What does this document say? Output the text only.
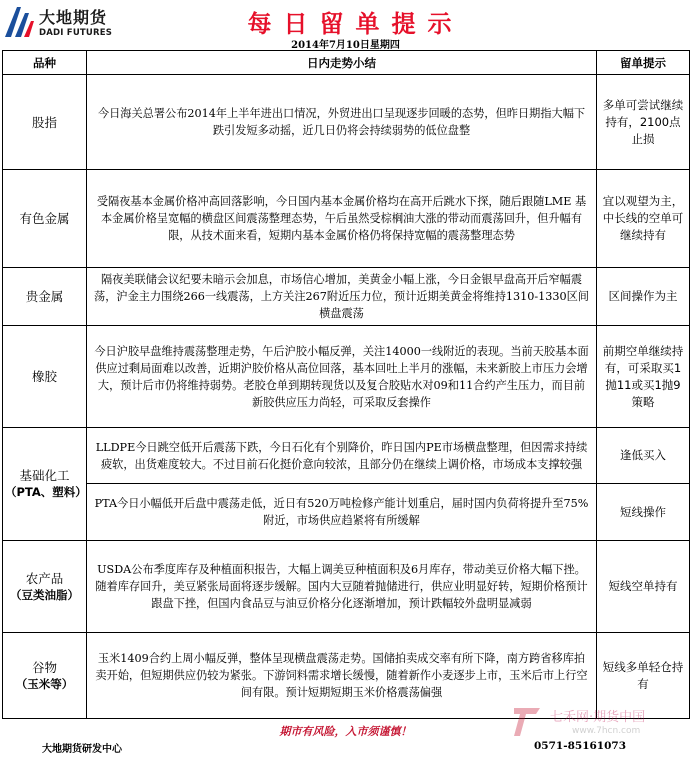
大地期货
DADI FUTURES	每日留单提示
2014年7月10日星期四
品种	日内走势小结	留单提示
股指	今日海关总署公布2014年上半年进出口情况，外贸进出口呈现逐步回暖的态势，但昨日期指大幅下跌引发短多动摇，近几日仍将会持续弱势的低位盘整	多单可尝试继续持有，2100点止损
有色金属	受隔夜基本金属价格冲高回落影响，今日国内基本金属价格均在高开后跳水下探，随后跟随LME 基本金属价格呈宽幅的横盘区间震荡整理态势，午后虽然受棕榈油大涨的带动而震荡回升，但升幅有限，从技术面来看，短期内基本金属价格仍将保持宽幅的震荡整理态势	宜以观望为主，中长线的空单可继续持有
贵金属	隔夜美联储会议纪要未暗示会加息，市场信心增加，美黄金小幅上涨，今日金银早盘高开后窄幅震荡，沪金主力围绕266一线震荡，上方关注267附近压力位，预计近期美黄金将维持1310-1330区间横盘震荡	区间操作为主
橡胶	今日沪胶早盘维持震荡整理走势，午后沪胶小幅反弹，关注14000一线附近的表现。当前天胶基本面供应过剩局面难以改善，近期沪胶价格从高位回落，基本回吐上半月的涨幅，未来新胶上市压力会增大，预计后市仍将维持弱势。老胶仓单到期转现货以及复合胶贴水对09和11合约产生压力，而目前新胶供应压力尚轻，可采取反套操作	前期空单继续持有，可采取买1抛11或买1抛9策略

基础化工
（PTA、塑料）	LLDPE今日跳空低开后震荡下跌，今日石化有个别降价，昨日国内PE市场横盘整理，但因需求持续疲软，出货难度较大。不过目前石化挺价意向较浓，且部分仍在继续上调价格，市场成本支撑较强	逢低买入
	PTA今日小幅低开后盘中震荡走低，近日有520万吨检修产能计划重启，届时国内负荷将提升至75%附近，市场供应趋紧将有所缓解	短线操作

农产品
（豆类油脂）	USDA公布季度库存及种植面积报告，大幅上调美豆种植面积及6月库存，带动美豆价格大幅下挫。随着库存回升，美豆紧张局面将逐步缓解。国内大豆随着抛储进行，供应业明显好转，短期价格预计跟盘下挫，但国内食品豆与油豆价格分化逐渐增加，预计跌幅较外盘明显减弱	短线空单持有

谷物
（玉米等）	玉米1409合约上周小幅反弹，整体呈现横盘震荡走势。国储拍卖成交率有所下降，南方跨省移库拍卖开始，但短期供应仍较为紧张。下游饲料需求增长缓慢，随着新作小麦逐步上市，玉米后市上行空间有限。预计短期短期玉米价格震荡偏强	短线多单轻仓持有
七禾网·期货中国
www.7hcn.com
期市有风险，入市须谨慎！
大地期货研发中心	0571-85161073
